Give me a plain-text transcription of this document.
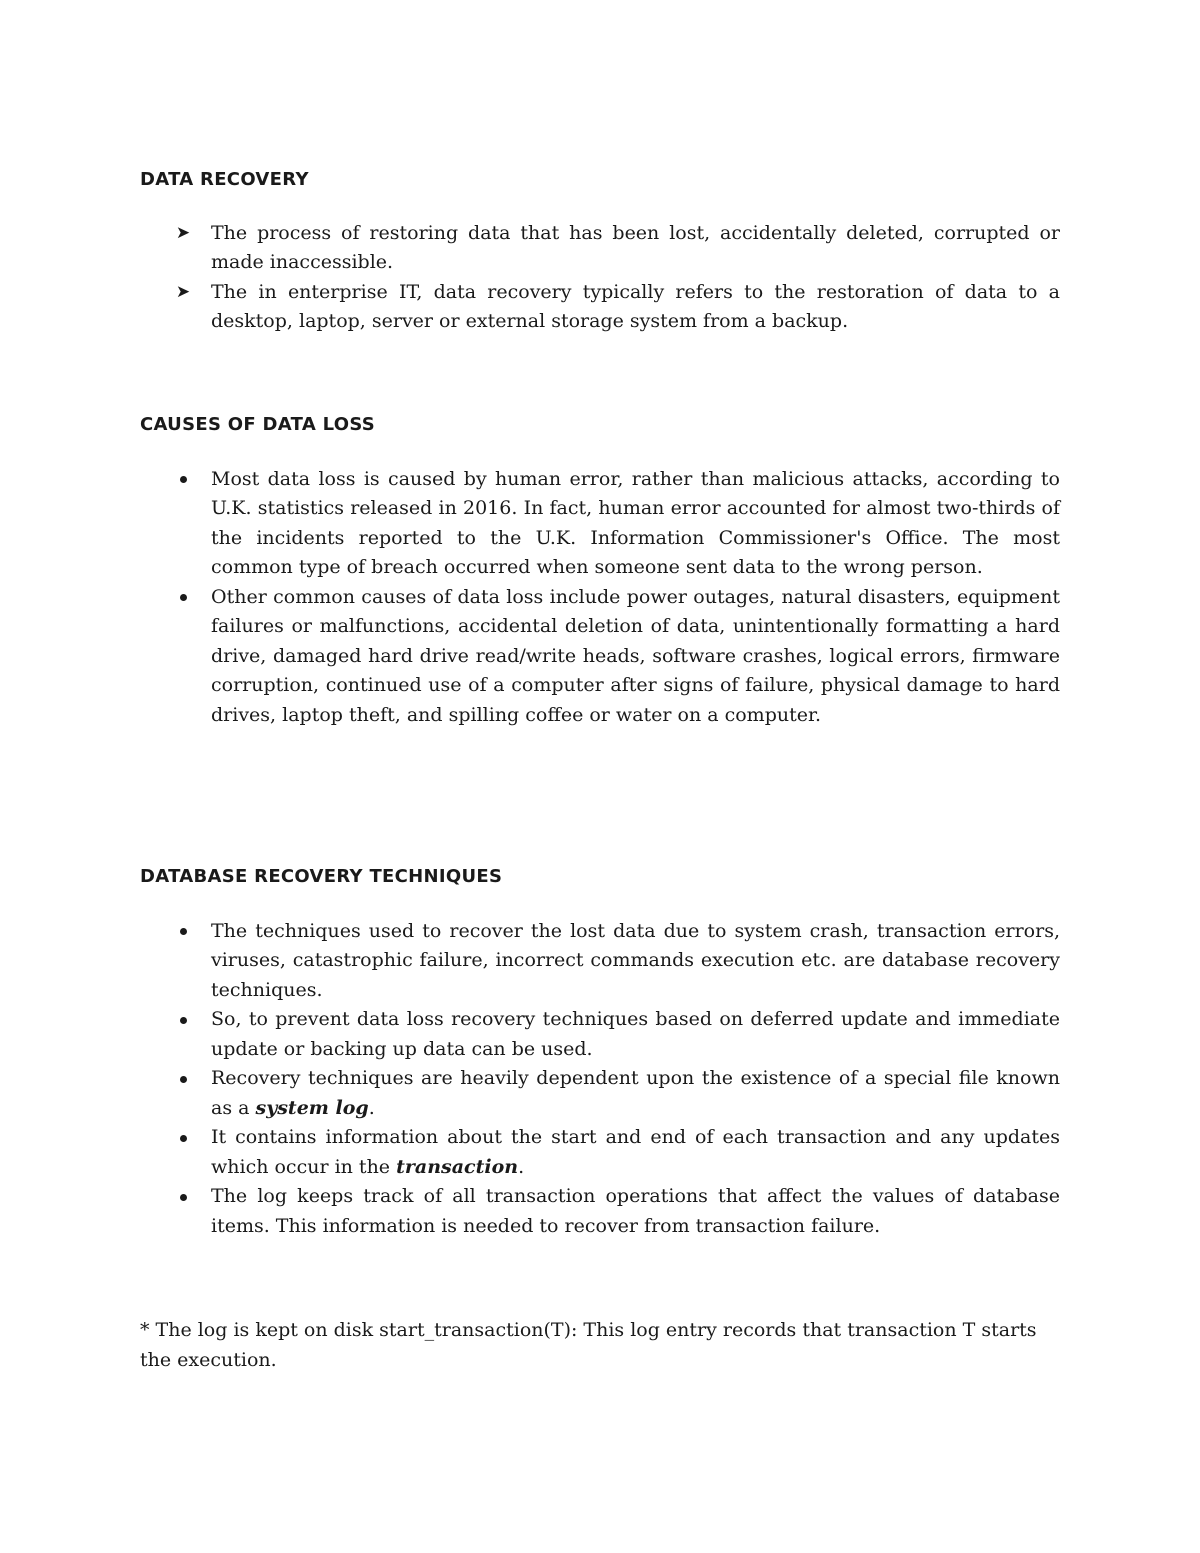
DATA RECOVERY
➤ The process of restoring data that has been lost, accidentally deleted, corrupted or made inaccessible.
➤ The in enterprise IT, data recovery typically refers to the restoration of data to a desktop, laptop, server or external storage system from a backup.
CAUSES OF DATA LOSS
Most data loss is caused by human error, rather than malicious attacks, according to U.K. statistics released in 2016. In fact, human error accounted for almost two-thirds of the incidents reported to the U.K. Information Commissioner's Office. The most common type of breach occurred when someone sent data to the wrong person.
Other common causes of data loss include power outages, natural disasters, equipment failures or malfunctions, accidental deletion of data, unintentionally formatting a hard drive, damaged hard drive read/write heads, software crashes, logical errors, firmware corruption, continued use of a computer after signs of failure, physical damage to hard drives, laptop theft, and spilling coffee or water on a computer.
DATABASE RECOVERY TECHNIQUES
The techniques used to recover the lost data due to system crash, transaction errors, viruses, catastrophic failure, incorrect commands execution etc. are database recovery techniques.
So, to prevent data loss recovery techniques based on deferred update and immediate update or backing up data can be used.
Recovery techniques are heavily dependent upon the existence of a special file known as a system log.
It contains information about the start and end of each transaction and any updates which occur in the transaction.
The log keeps track of all transaction operations that affect the values of database items. This information is needed to recover from transaction failure.

* The log is kept on disk start_transaction(T): This log entry records that transaction T starts the execution.
